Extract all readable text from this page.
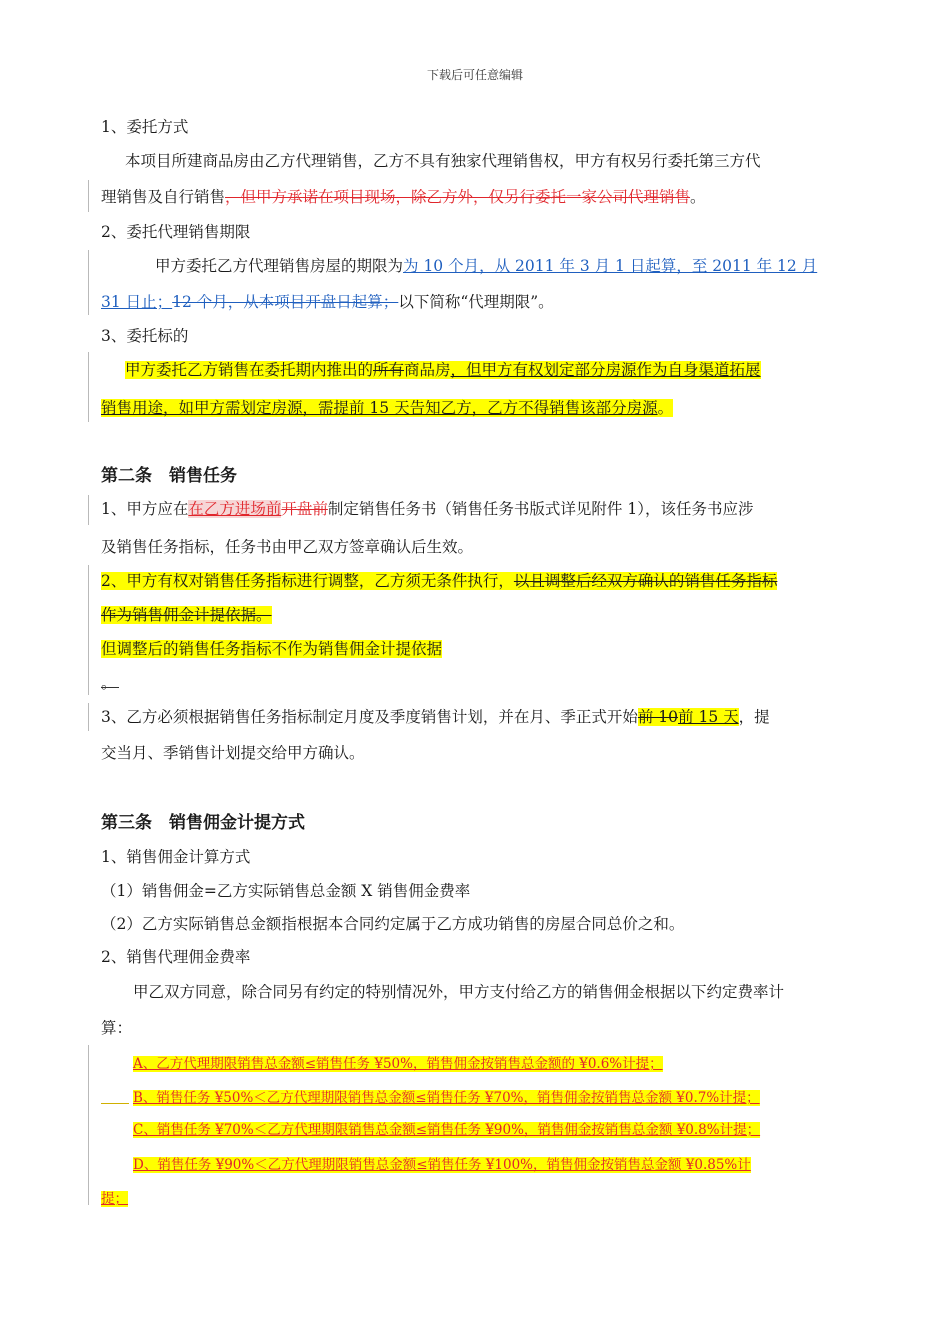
下载后可任意编辑
1、委托方式
本项目所建商品房由乙方代理销售，乙方不具有独家代理销售权，甲方有权另行委托第三方代
理销售及自行销售，但甲方承诺在项目现场，除乙方外，仅另行委托一家公司代理销售。
2、委托代理销售期限
甲方委托乙方代理销售房屋的期限为为 10 个月，从 2011 年 3 月 1 日起算，至 2011 年 12 月
31 日止；12 个月，从本项目开盘日起算；以下简称“代理期限”。
3、委托标的
甲方委托乙方销售在委托期内推出的所有商品房，但甲方有权划定部分房源作为自身渠道拓展
销售用途，如甲方需划定房源，需提前 15 天告知乙方，乙方不得销售该部分房源。
第二条　销售任务
1、甲方应在在乙方进场前开盘前制定销售任务书（销售任务书版式详见附件 1），该任务书应涉
及销售任务指标，任务书由甲乙双方签章确认后生效。
2、甲方有权对销售任务指标进行调整，乙方须无条件执行，以且调整后经双方确认的销售任务指标
作为销售佣金计提依据。
但调整后的销售任务指标不作为销售佣金计提依据
。
3、乙方必须根据销售任务指标制定月度及季度销售计划，并在月、季正式开始前 10前 15 天，提
交当月、季销售计划提交给甲方确认。
第三条　销售佣金计提方式
1、销售佣金计算方式
（1）销售佣金=乙方实际销售总金额 X 销售佣金费率
（2）乙方实际销售总金额指根据本合同约定属于乙方成功销售的房屋合同总价之和。
2、销售代理佣金费率
甲乙双方同意，除合同另有约定的特别情况外，甲方支付给乙方的销售佣金根据以下约定费率计
算：
A、乙方代理期限销售总金额≤销售任务 ¥50%，销售佣金按销售总金额的 ¥0.6%计提；
B、销售任务 ¥50%＜乙方代理期限销售总金额≤销售任务 ¥70%，销售佣金按销售总金额 ¥0.7%计提；
C、销售任务 ¥70%＜乙方代理期限销售总金额≤销售任务 ¥90%，销售佣金按销售总金额 ¥0.8%计提；
D、销售任务 ¥90%＜乙方代理期限销售总金额≤销售任务 ¥100%，销售佣金按销售总金额 ¥0.85%计
提；
